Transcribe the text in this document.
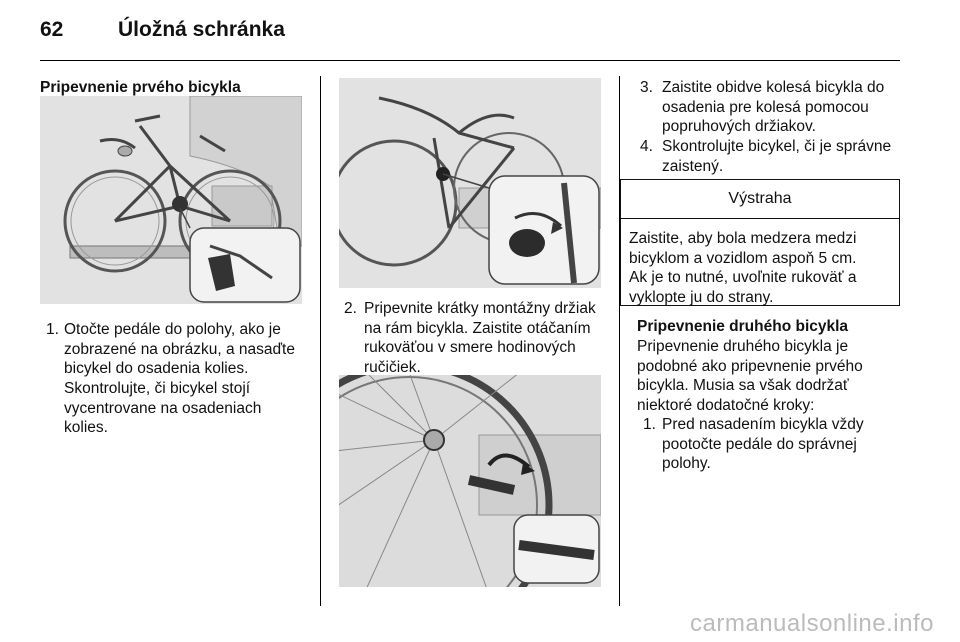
62	Úložná schránka
Pripevnenie prvého bicykla
1. Otočte pedále do polohy, ako je
zobrazené na obrázku, a nasaďte
bicykel do osadenia kolies.
Skontrolujte, či bicykel stojí
vycentrovane na osadeniach
kolies.
2. Pripevnite krátky montážny držiak
na rám bicykla. Zaistite otáčaním
rukoväťou v smere hodinových
ručičiek.
3. Zaistite obidve kolesá bicykla do
osadenia pre kolesá pomocou
popruhových držiakov.
4. Skontrolujte bicykel, či je správne
zaistený.
Výstraha
Zaistite, aby bola medzera medzi
bicyklom a vozidlom aspoň 5 cm.
Ak je to nutné, uvoľnite rukoväť a
vyklopte ju do strany.
Pripevnenie druhého bicykla
Pripevnenie druhého bicykla je
podobné ako pripevnenie prvého
bicykla. Musia sa však dodržať
niektoré dodatočné kroky:
1. Pred nasadením bicykla vždy
pootočte pedále do správnej
polohy.
carmanualsonline.info
